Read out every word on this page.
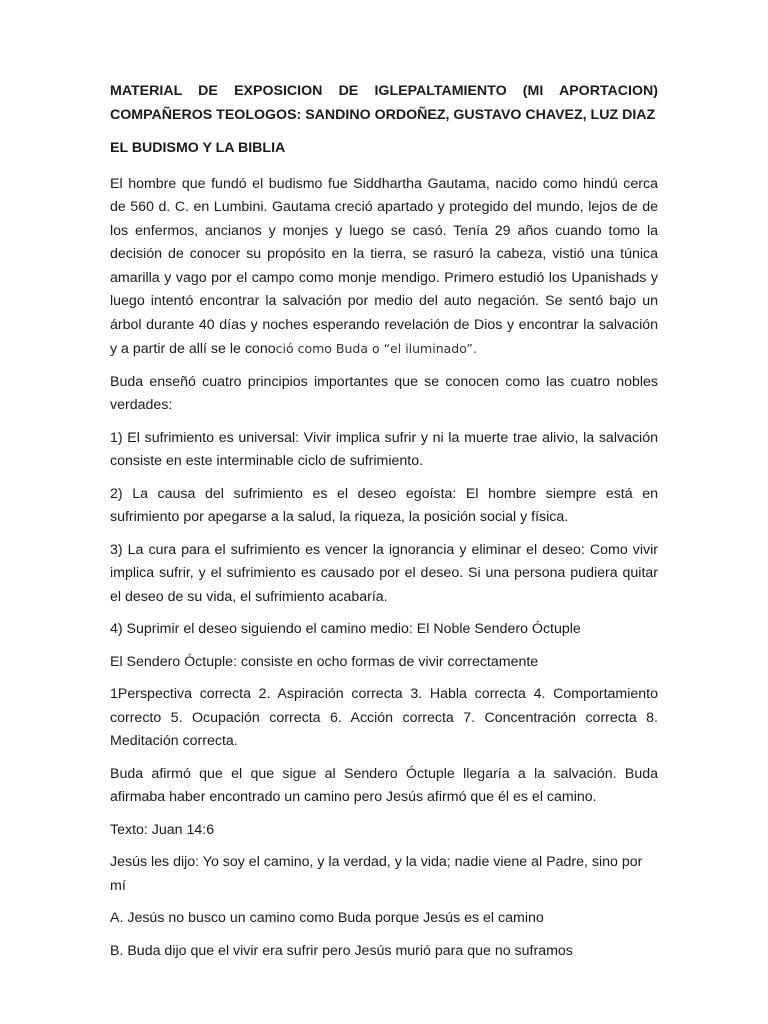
MATERIAL DE EXPOSICION DE IGLEPALTAMIENTO (MI APORTACION) COMPAÑEROS TEOLOGOS: SANDINO ORDOÑEZ, GUSTAVO CHAVEZ, LUZ DIAZ

EL BUDISMO Y LA BIBLIA

El hombre que fundó el budismo fue Siddhartha Gautama, nacido como hindú cerca de 560 d. C. en Lumbini. Gautama creció apartado y protegido del mundo, lejos de de los enfermos, ancianos y monjes y luego se casó. Tenía 29 años cuando tomo la decisión de conocer su propósito en la tierra, se rasuró la cabeza, vistió una túnica amarilla y vago por el campo como monje mendigo. Primero estudió los Upanishads y luego intentó encontrar la salvación por medio del auto negación. Se sentó bajo un árbol durante 40 días y noches esperando revelación de Dios y encontrar la salvación y a partir de allí se le conoció como Buda o “el iluminado”.

Buda enseñó cuatro principios importantes que se conocen como las cuatro nobles verdades:

1) El sufrimiento es universal: Vivir implica sufrir y ni la muerte trae alivio, la salvación consiste en este interminable ciclo de sufrimiento.

2) La causa del sufrimiento es el deseo egoísta: El hombre siempre está en sufrimiento por apegarse a la salud, la riqueza, la posición social y física.

3) La cura para el sufrimiento es vencer la ignorancia y eliminar el deseo: Como vivir implica sufrir, y el sufrimiento es causado por el deseo. Si una persona pudiera quitar el deseo de su vida, el sufrimiento acabaría.

4) Suprimir el deseo siguiendo el camino medio: El Noble Sendero Óctuple

El Sendero Óctuple: consiste en ocho formas de vivir correctamente

1Perspectiva correcta 2. Aspiración correcta 3. Habla correcta 4. Comportamiento correcto 5. Ocupación correcta 6. Acción correcta 7. Concentración correcta 8. Meditación correcta.

Buda afirmó que el que sigue al Sendero Óctuple llegaría a la salvación. Buda afirmaba haber encontrado un camino pero Jesús afirmó que él es el camino.

Texto: Juan 14:6

Jesús les dijo: Yo soy el camino, y la verdad, y la vida; nadie viene al Padre, sino por mí

A. Jesús no busco un camino como Buda porque Jesús es el camino

B. Buda dijo que el vivir era sufrir pero Jesús murió para que no suframos
